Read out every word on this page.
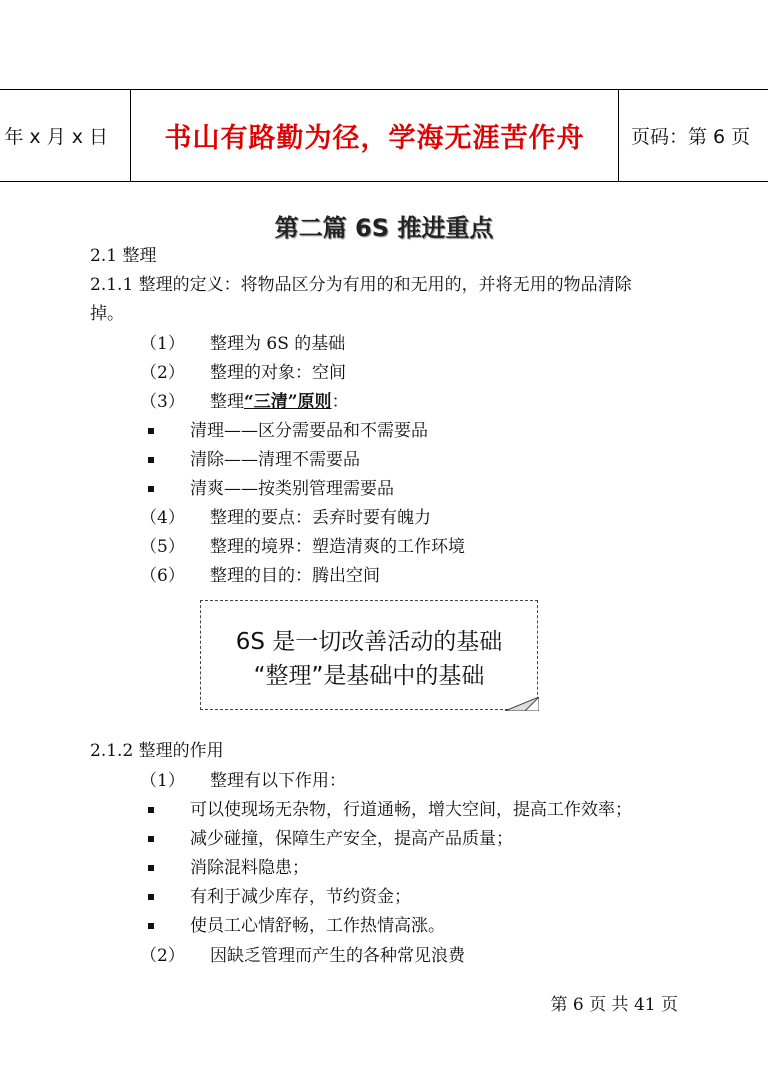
年 x 月 x 日	书山有路勤为径，学海无涯苦作舟	页码：第 6 页
第二篇 6S 推进重点
2.1 整理
2.1.1 整理的定义：将物品区分为有用的和无用的，并将无用的物品清除
掉。
（1） 整理为 6S 的基础
（2） 整理的对象：空间
（3） 整理“三清”原则：
清理——区分需要品和不需要品
清除——清理不需要品
清爽——按类别管理需要品
（4） 整理的要点：丢弃时要有魄力
（5） 整理的境界：塑造清爽的工作环境
（6） 整理的目的：腾出空间
6S 是一切改善活动的基础
“整理”是基础中的基础
2.1.2 整理的作用
（1） 整理有以下作用：
可以使现场无杂物，行道通畅，增大空间，提高工作效率；
减少碰撞，保障生产安全，提高产品质量；
消除混料隐患；
有利于减少库存，节约资金；
使员工心情舒畅，工作热情高涨。
（2） 因缺乏管理而产生的各种常见浪费
第 6 页 共 41 页
